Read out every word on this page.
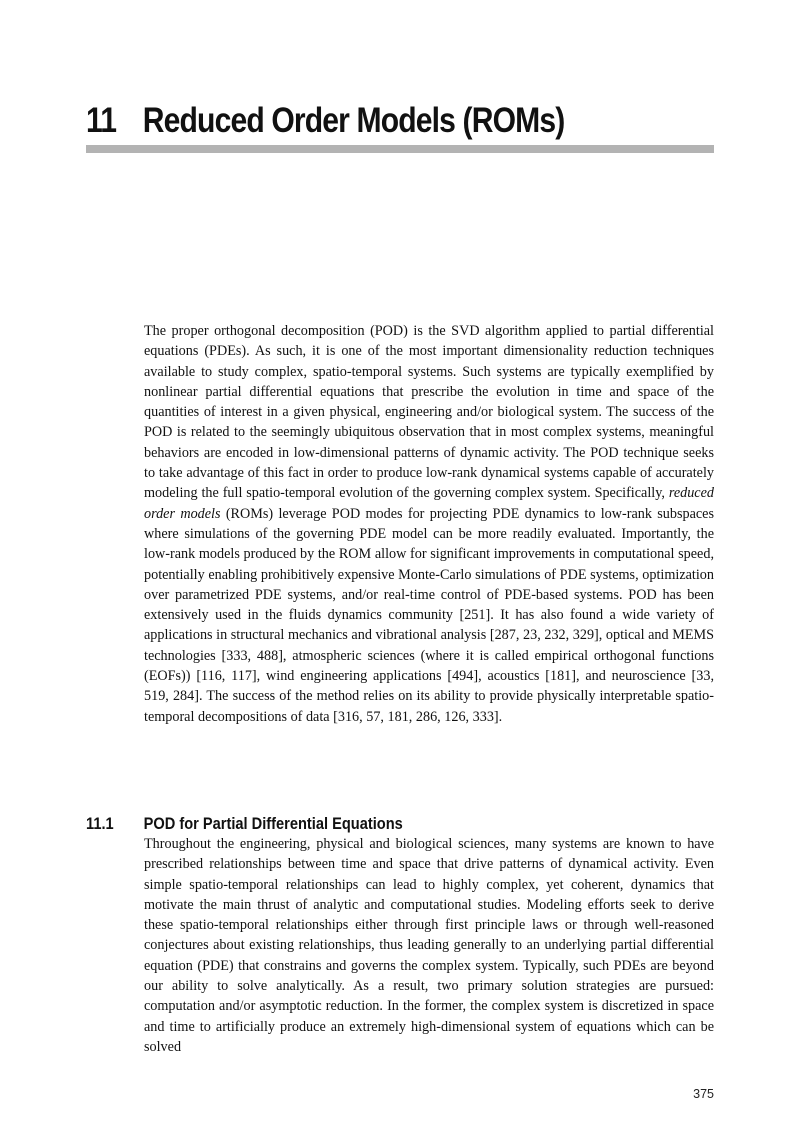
11 Reduced Order Models (ROMs)

The proper orthogonal decomposition (POD) is the SVD algorithm applied to partial differential equations (PDEs). As such, it is one of the most important dimensionality reduction techniques available to study complex, spatio-temporal systems. Such systems are typically exemplified by nonlinear partial differential equations that prescribe the evolution in time and space of the quantities of interest in a given physical, engineering and/or biological system. The success of the POD is related to the seemingly ubiquitous observation that in most complex systems, meaningful behaviors are encoded in low-dimensional patterns of dynamic activity. The POD technique seeks to take advantage of this fact in order to produce low-rank dynamical systems capable of accurately modeling the full spatio-temporal evolution of the governing complex system. Specifically, reduced order models (ROMs) leverage POD modes for projecting PDE dynamics to low-rank subspaces where simulations of the governing PDE model can be more readily evaluated. Importantly, the low-rank models produced by the ROM allow for significant improvements in computational speed, potentially enabling prohibitively expensive Monte-Carlo simulations of PDE systems, optimization over parametrized PDE systems, and/or real-time control of PDE-based systems. POD has been extensively used in the fluids dynamics community [251]. It has also found a wide variety of applications in structural mechanics and vibrational analysis [287, 23, 232, 329], optical and MEMS technologies [333, 488], atmospheric sciences (where it is called empirical orthogonal functions (EOFs)) [116, 117], wind engineering applications [494], acoustics [181], and neuroscience [33, 519, 284]. The success of the method relies on its ability to provide physically interpretable spatio-temporal decompositions of data [316, 57, 181, 286, 126, 333].

11.1 POD for Partial Differential Equations

Throughout the engineering, physical and biological sciences, many systems are known to have prescribed relationships between time and space that drive patterns of dynamical activity. Even simple spatio-temporal relationships can lead to highly complex, yet coherent, dynamics that motivate the main thrust of analytic and computational studies. Modeling efforts seek to derive these spatio-temporal relationships either through first principle laws or through well-reasoned conjectures about existing relationships, thus leading generally to an underlying partial differential equation (PDE) that constrains and governs the complex system. Typically, such PDEs are beyond our ability to solve analytically. As a result, two primary solution strategies are pursued: computation and/or asymptotic reduction. In the former, the complex system is discretized in space and time to artificially produce an extremely high-dimensional system of equations which can be solved

375
